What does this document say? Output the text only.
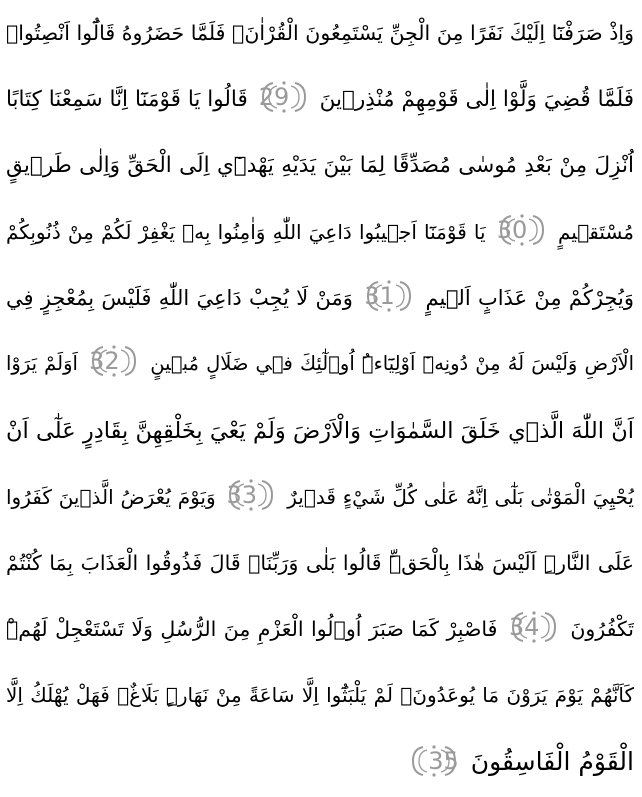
وَاِذْ صَرَفْنَٓا اِلَيْكَ نَفَرًا مِنَ الْجِنِّ يَسْتَمِعُونَ الْقُرْاٰنَۚ فَلَمَّا حَضَرُوهُ قَالُٓوا اَنْصِتُواۚ
فَلَمَّا قُضِيَ وَلَّوْا اِلٰى قَوْمِهِمْ مُنْذِر۪ينَ
29
قَالُوا يَا قَوْمَنَٓا اِنَّا سَمِعْنَا كِتَابًا
اُنْزِلَ مِنْ بَعْدِ مُوسٰى مُصَدِّقًا لِمَا بَيْنَ يَدَيْهِ يَهْد۪ٓي اِلَى الْحَقِّ وَاِلٰى طَر۪يقٍ
مُسْتَق۪يمٍ
30
يَا قَوْمَنَٓا اَج۪يبُوا دَاعِيَ اللّٰهِ وَاٰمِنُوا بِه۪ يَغْفِرْ لَكُمْ مِنْ ذُنُوبِكُمْ
وَيُجِرْكُمْ مِنْ عَذَابٍ اَل۪يمٍ
31
وَمَنْ لَا يُجِبْ دَاعِيَ اللّٰهِ فَلَيْسَ بِمُعْجِزٍ فِي
الْاَرْضِ وَلَيْسَ لَهُ مِنْ دُونِه۪ٓ اَوْلِيَٓاءُۜ اُو۬لٰٓئِكَ ف۪ي ضَلَالٍ مُب۪ينٍ
32
اَوَلَمْ يَرَوْا
اَنَّ اللّٰهَ الَّذ۪ي خَلَقَ السَّمٰوَاتِ وَالْاَرْضَ وَلَمْ يَعْيَ بِخَلْقِهِنَّ بِقَادِرٍ عَلٰٓى اَنْ
يُحْيِيَ الْمَوْتٰى بَلٰٓى اِنَّهُ عَلٰى كُلِّ شَيْءٍ قَد۪يرٌ
33
وَيَوْمَ يُعْرَضُ الَّذ۪ينَ كَفَرُوا
عَلَى النَّارِۜ اَلَيْسَ هٰذَا بِالْحَقِّۜ قَالُوا بَلٰى وَرَبِّنَاۜ قَالَ فَذُوقُوا الْعَذَابَ بِمَا كُنْتُمْ
تَكْفُرُونَ
34
فَاصْبِرْ كَمَا صَبَرَ اُو۬لُوا الْعَزْمِ مِنَ الرُّسُلِ وَلَا تَسْتَعْجِلْ لَهُمْۜ
كَاَنَّهُمْ يَوْمَ يَرَوْنَ مَا يُوعَدُونَۙ لَمْ يَلْبَثُٓوا اِلَّا سَاعَةً مِنْ نَهَارٍۜ بَلَاغٌۚ فَهَلْ يُهْلَكُ اِلَّا
الْقَوْمُ الْفَاسِقُونَ
35
